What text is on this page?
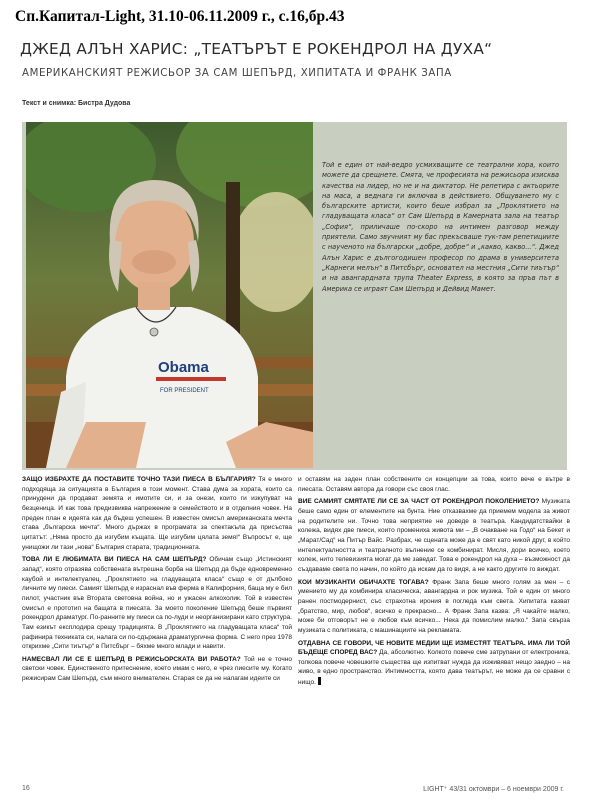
Сп.Капитал-Light, 31.10-06.11.2009 г., с.16,бр.43
ДЖЕД АЛЪН ХАРИС: „ТЕАТЪРЪТ Е РОКЕНДРОЛ НА ДУХА“
АМЕРИКАНСКИЯТ РЕЖИСЬОР ЗА САМ ШЕПЪРД, ХИПИТАТА И ФРАНК ЗАПА
Текст и снимка: Бистра Дудова
Obama
FOR PRESIDENT

Той е един от най-ведро усмихващите се театрални хора, които можете да срещнете. Смята, че професията на режисьора изисква качества на лидер, но не и на диктатор. Не репетира с актьорите на маса, а веднага ги включва в действието. Общуването му с българските артисти, които беше избрал за „Проклятието на гладуващата класа“ от Сам Шепърд в Камерната зала на театър „София“, приличаше по-скоро на интимен разговор между приятели. Само звучният му бас прекъсваше тук-там репетициите с наученото на български „добре, добре“ и „какво, какво...“. Джед Алън Харис е дългогодишен професор по драма в университета „Карнеги мелън“ в Питсбърг, основател на местния „Сити тиътър“ и на авангардната трупа Theater Express, в която за пръв път в Америка се играят Сам Шепърд и Дейвид Мамет.

ЗАЩО ИЗБРАХТЕ ДА ПОСТАВИТЕ ТОЧНО ТАЗИ ПИЕСА В БЪЛГАРИЯ? Тя е много подходяща за ситуацията в България в този момент. Става дума за хората, които са принудени да продават земята и имотите си, и за онези, които ги изкупуват на безценица. И как това предизвиква напрежение в семейството и в отделния човек. На преден план е идеята как да бъдеш успешен. В известен смисъл американската мечта става „българска мечта“. Много държах в програмата за спектакъла да присъства цитатът: „Няма просто да изгубим къщата. Ще изгубим цялата земя!“ Въпросът е, ще унищожи ли тази „нова“ България старата, традиционната.

ТОВА ЛИ Е ЛЮБИМАТА ВИ ПИЕСА НА САМ ШЕПЪРД? Обичам също „Истинският запад“, която отразява собствената вътрешна борба на Шепърд да бъде едновременно каубой и интелектуалец. „Проклятието на гладуващата класа“ също е от дълбоко личните му пиеси. Самият Шепърд е израснал във ферма в Калифорния, баща му е бил пилот, участник във Втората световна война, но и ужасен алкохолик. Той в известен смисъл е прототип на бащата в пиесата. За моето поколение Шепърд беше първият рокендрол драматург. По-ранните му пиеси са по-луди и неорганизирани като структура. Там езикът експлодира срещу традицията. В „Проклятието на гладуващата класа“ той рафинира техниката си, налага си по-сдържана драматургична форма. С него през 1978 откриxме „Сити тиътър“ в Питсбърг – бяхме много млади и навити.

НАМЕСВАЛ ЛИ СЕ Е ШЕПЪРД В РЕЖИСЬОРСКАТА ВИ РАБОТА? Той не е точно светски човек. Единственото притеснение, което имам с него, е чрез пиесите му. Когато режисирам Сам Шепърд, съм много внимателен. Старая се да не налагам идеите си

и оставям на заден план собствените си концепции за това, които вече е вътре в пиесата. Оставям автора да говори със своя глас.

ВИЕ САМИЯТ СМЯТАТЕ ЛИ СЕ ЗА ЧАСТ ОТ РОКЕНДРОЛ ПОКОЛЕНИЕТО? Музиката беше само един от елементите на бунта. Ние отказвахме да приемем модела за живот на родителите ни. Точно това неприятие не доведе в театъра. Кандидатствайки в колежа, видях две пиеси, които промениха живота ми – „В очакване на Годо“ на Бекет и „Марат/Сад“ на Питър Вайс. Разбрах, че сцената може да е свят като никой друг, в който интелектуалността и театралното вълнение се комбинират. Мисля, дори всичко, което колеж, нито телевизията могат да ме заведат. Това е рокендрол на духа – възможност да създаваме света по начин, по който да искам да го видя, а не както другите го виждат.

КОИ МУЗИКАНТИ ОБИЧАХТЕ ТОГАВА? Франк Запа беше много голям за мен – с умението му да комбинира класическа, авангардна и рок музика. Той е един от много ранен постмодернист, със страхотна ирония в погледа към света. Хипитата казват „братство, мир, любов“, всичко е прекрасно... А Франк Запа казва: „Я чакайте малко, може би отговорът не е любов към всичко... Нека да помислим малко.“ Запа свърза музиката с политиката, с машинациите на рекламата.

ОТДАВНА СЕ ГОВОРИ, ЧЕ НОВИТЕ МЕДИИ ЩЕ ИЗМЕСТЯТ ТЕАТЪРА. ИМА ЛИ ТОЙ БЪДЕЩЕ СПОРЕД ВАС? Да, абсолютно. Колкото повече сме затрупани от електроника, толкова повече човешките същества ще изпитват нужда да изживяват нещо заедно – на живо, в едно пространство. Интимността, която дава театърът, не може да се сравни с нищо.

16	LIGHT⁺ 43/31 октомври – 6 ноември 2009 г.
